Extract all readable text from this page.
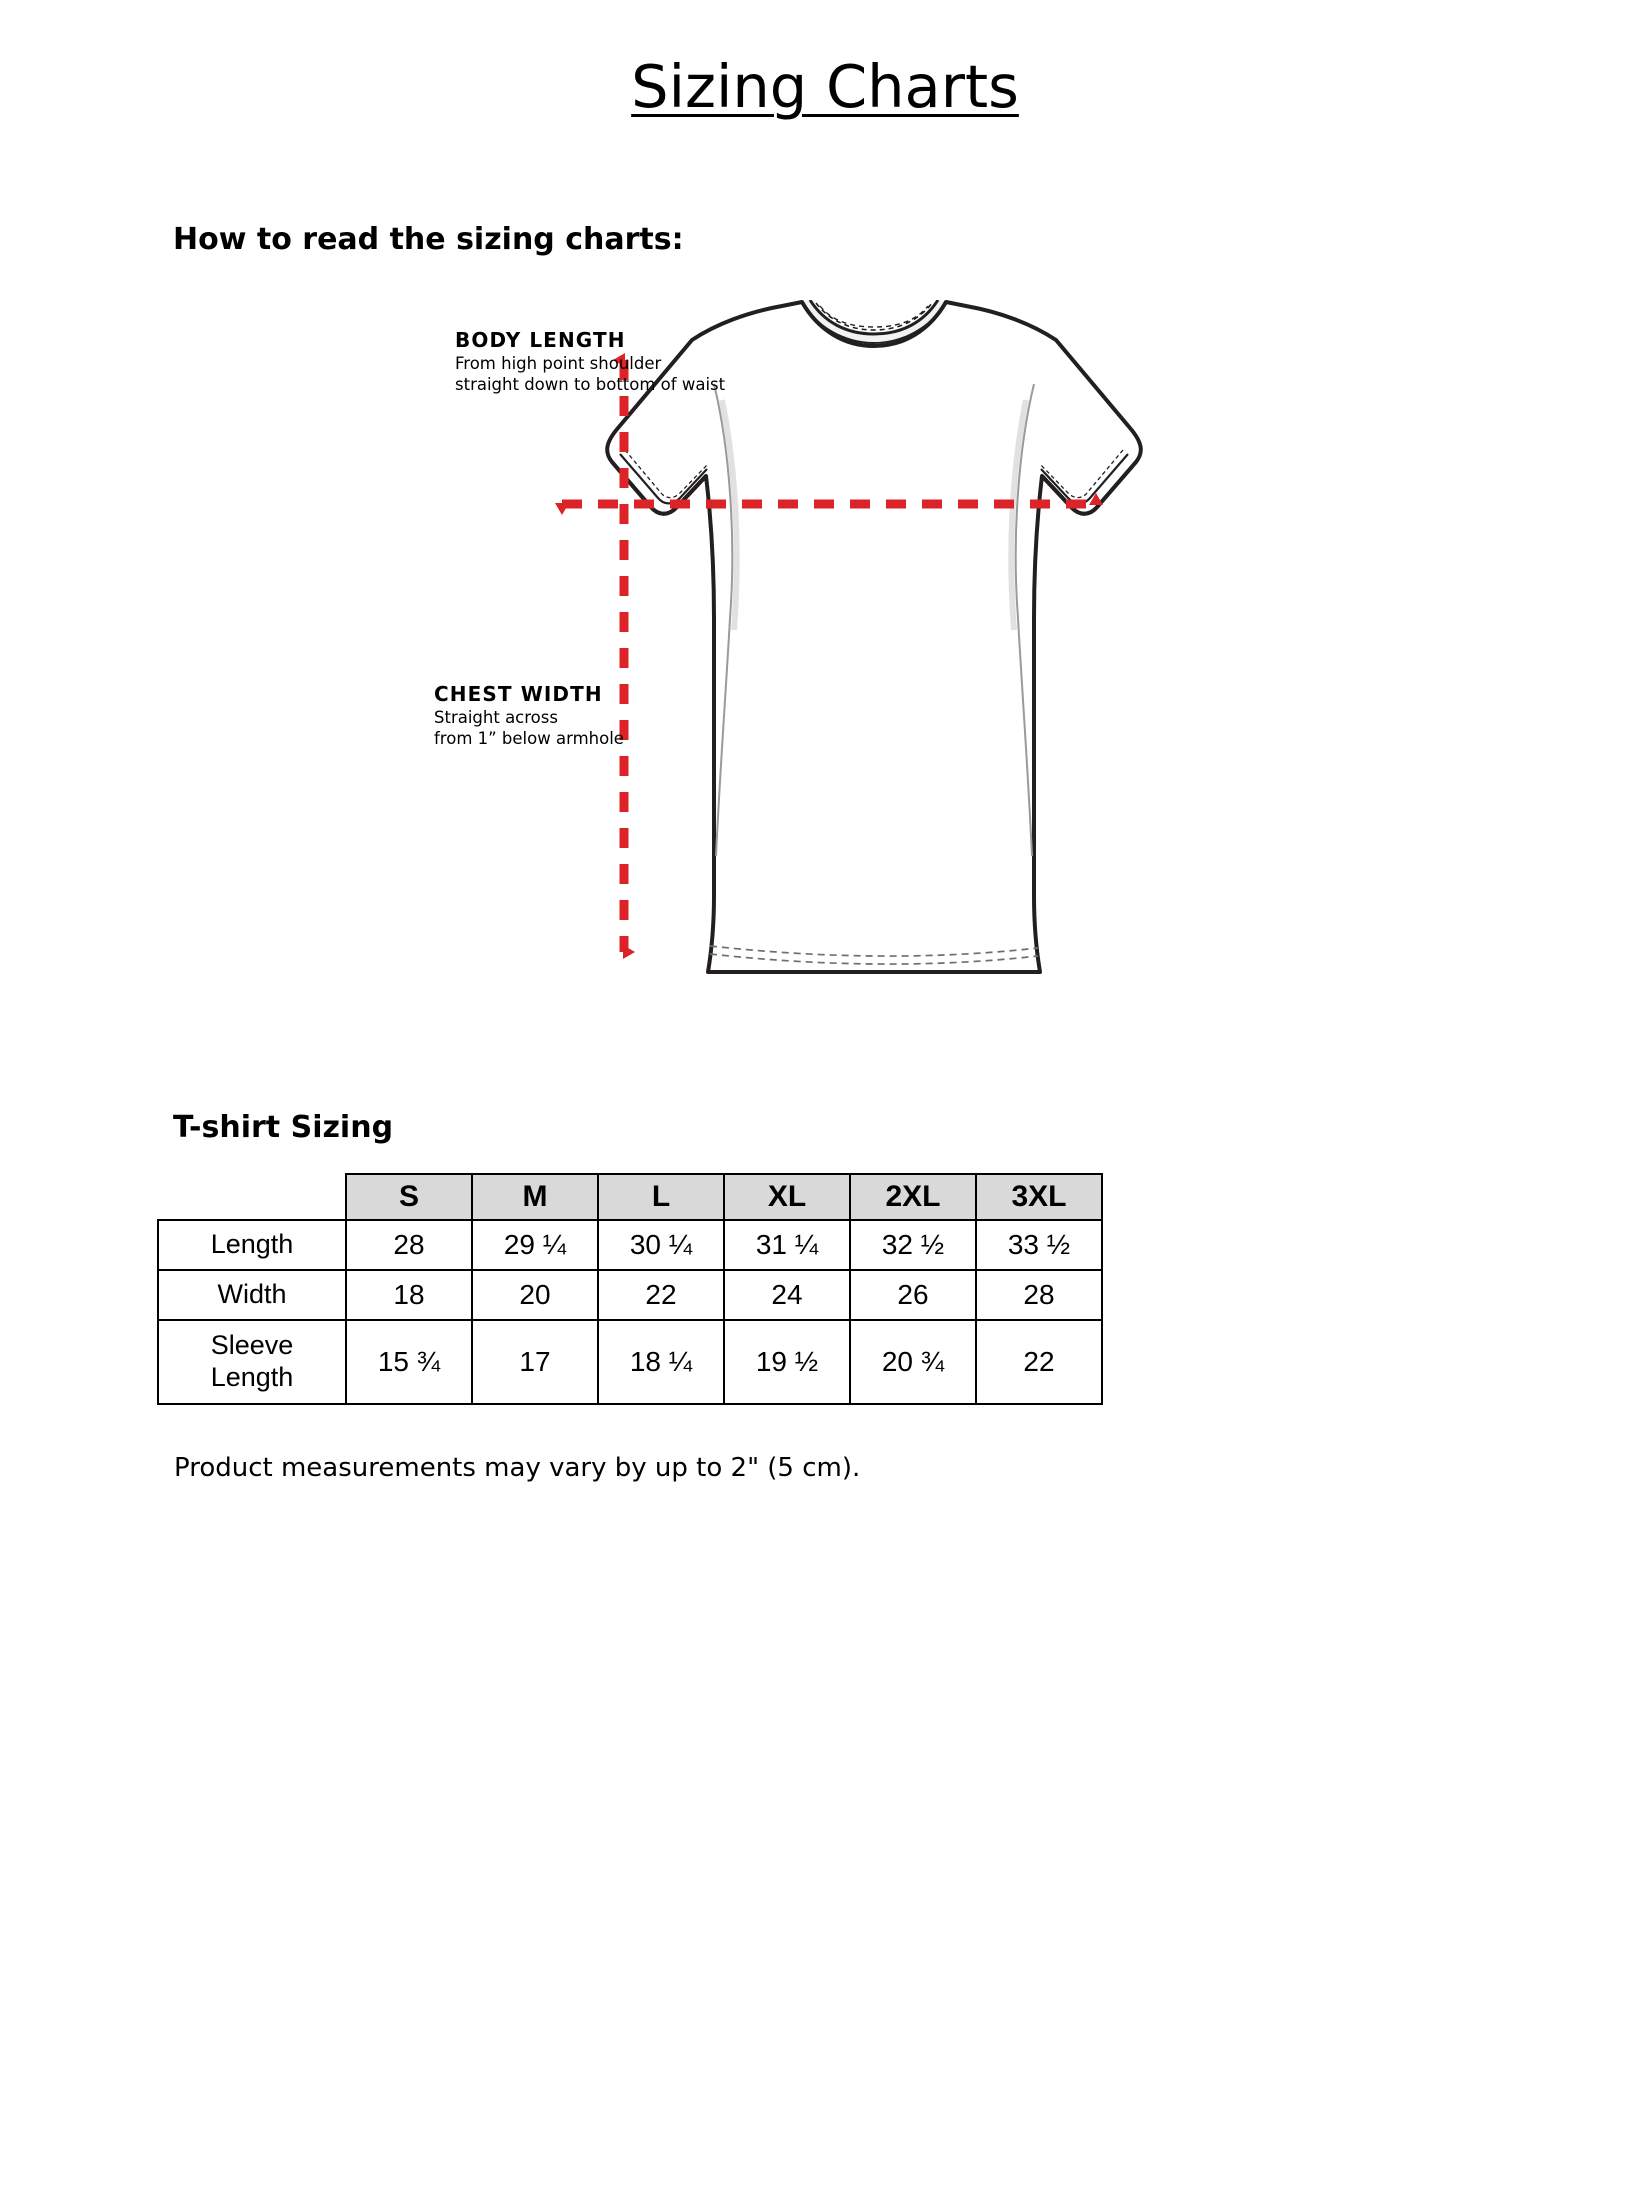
Sizing Charts
How to read the sizing charts:
BODY LENGTH
From high point shoulder
straight down to bottom of waist
CHEST WIDTH
Straight across
from 1” below armhole
T-shirt Sizing
	S	M	L	XL	2XL	3XL
Length	28	29 ¼	30 ¼	31 ¼	32 ½	33 ½
Width	18	20	22	24	26	28

Sleeve
Length	15 ¾	17	18 ¼	19 ½	20 ¾	22
Product measurements may vary by up to 2" (5 cm).
